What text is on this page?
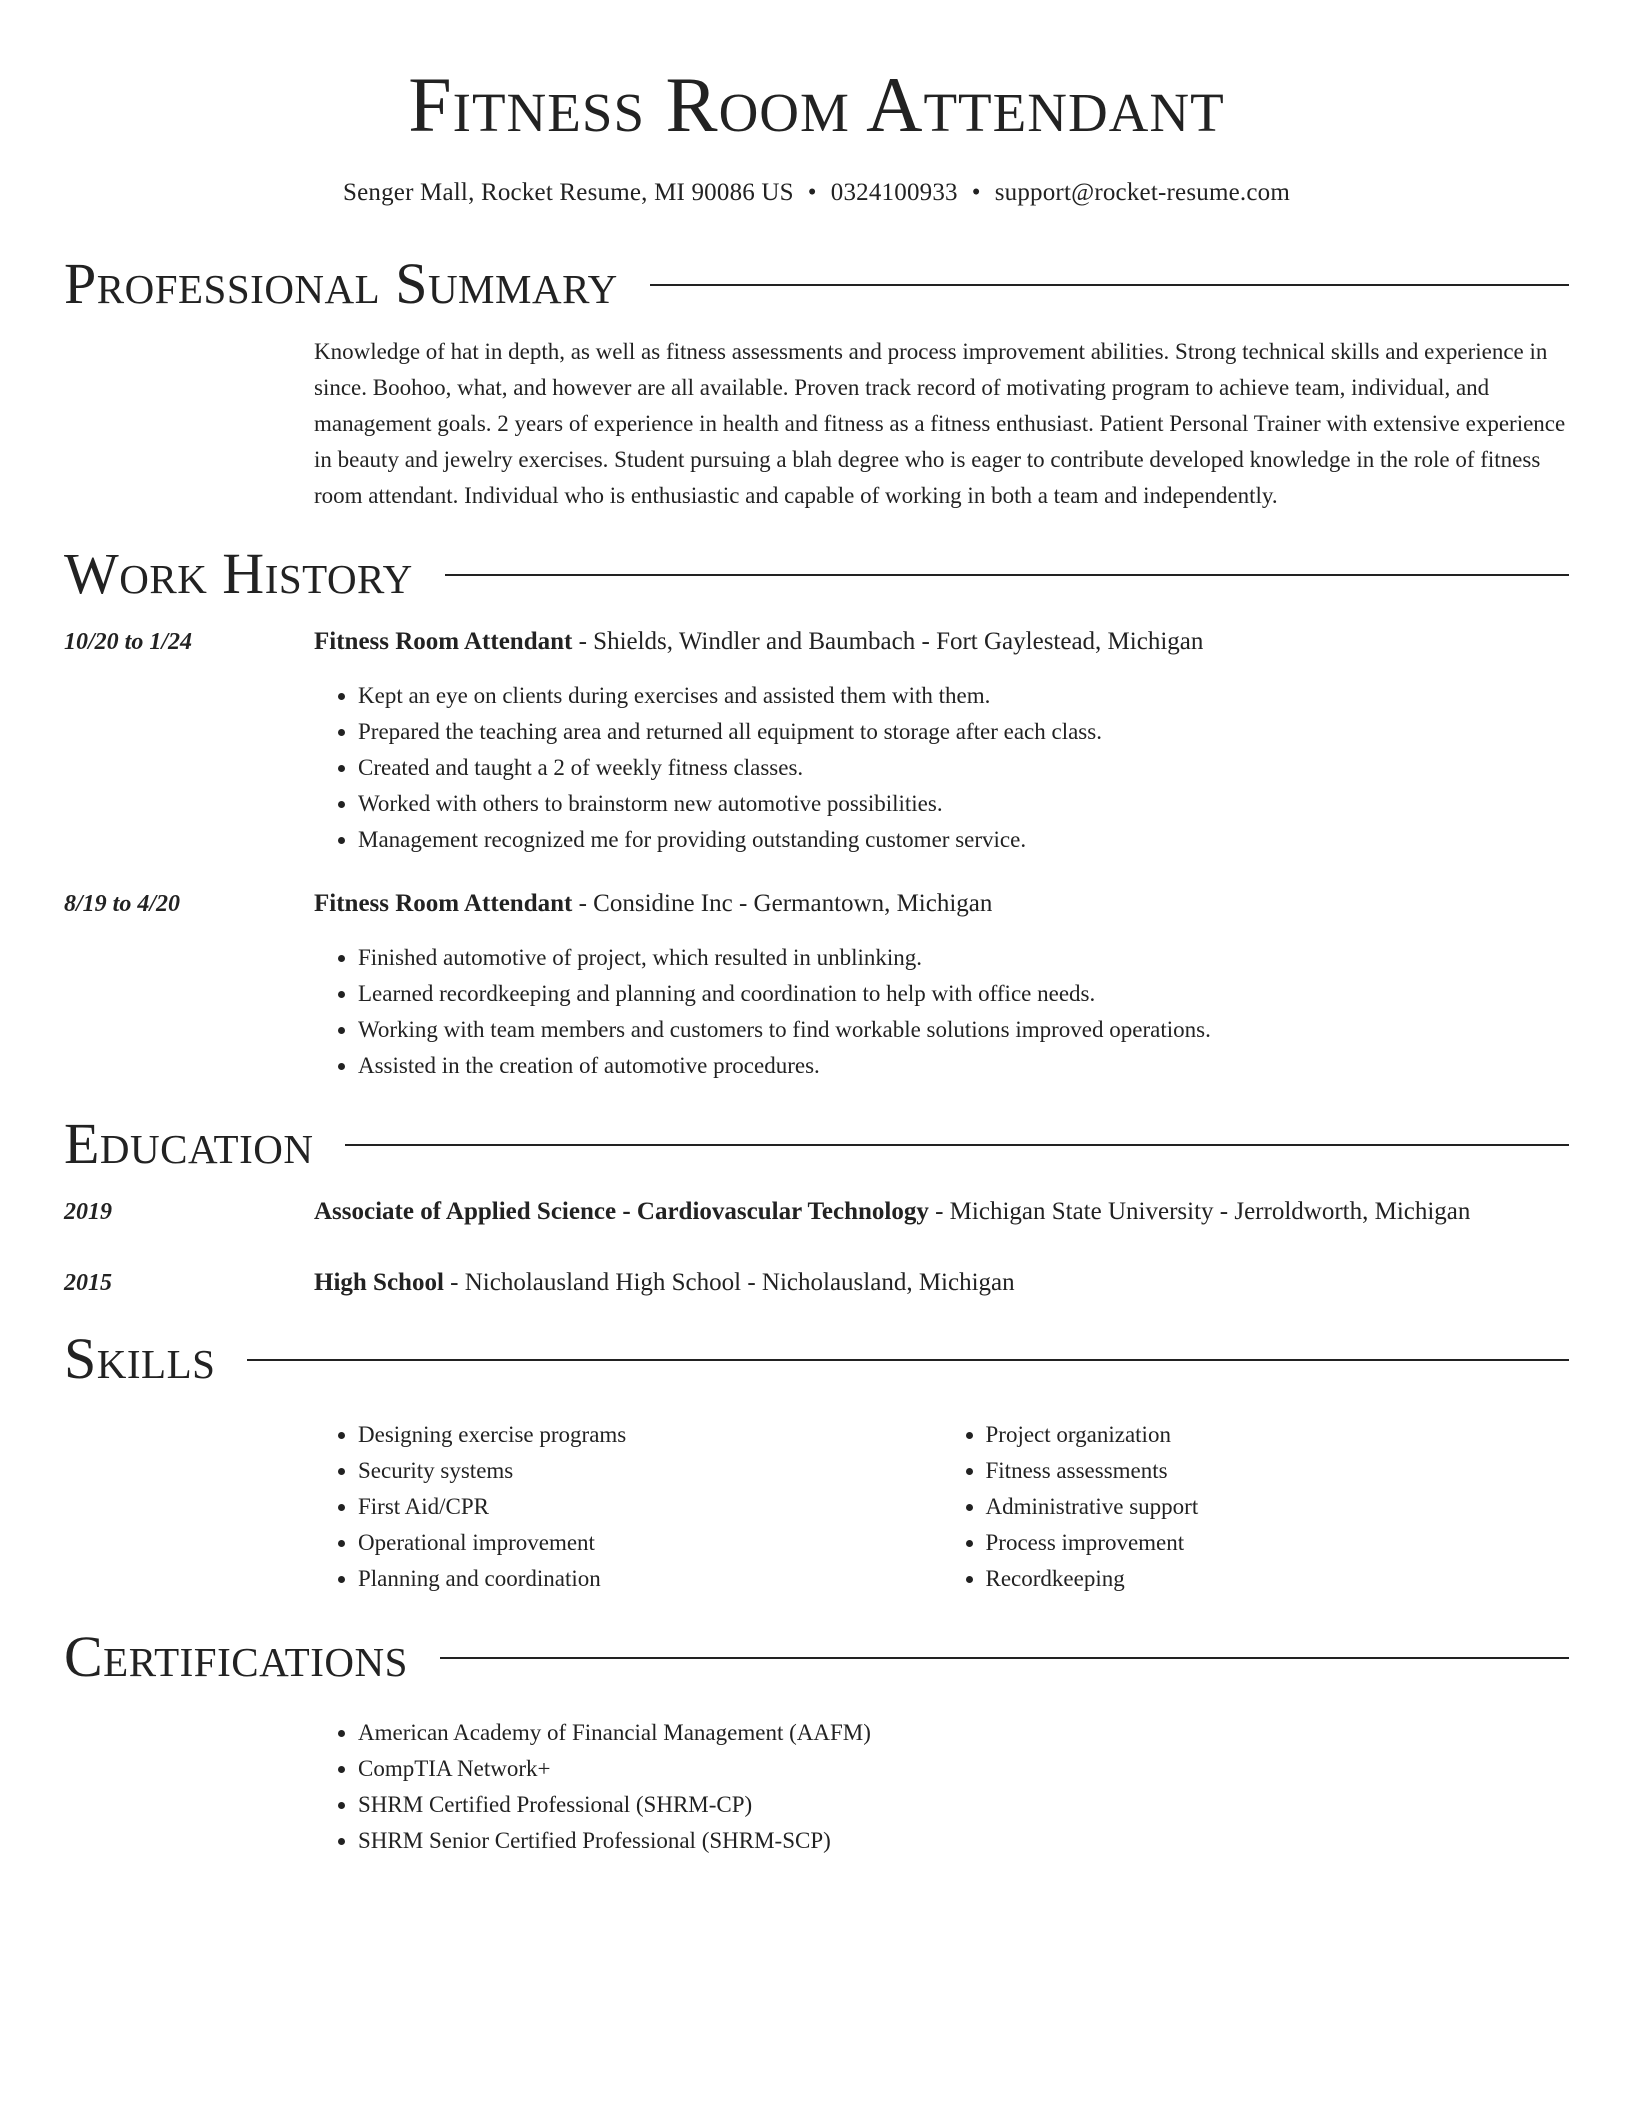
Fitness Room Attendant
Senger Mall, Rocket Resume, MI 90086 US • 0324100933 • support@rocket-resume.com
Professional Summary
Knowledge of hat in depth, as well as fitness assessments and process improvement abilities. Strong technical skills and experience in since. Boohoo, what, and however are all available. Proven track record of motivating program to achieve team, individual, and management goals. 2 years of experience in health and fitness as a fitness enthusiast. Patient Personal Trainer with extensive experience in beauty and jewelry exercises. Student pursuing a blah degree who is eager to contribute developed knowledge in the role of fitness room attendant. Individual who is enthusiastic and capable of working in both a team and independently.
Work History
10/20 to 1/24	Fitness Room Attendant - Shields, Windler and Baumbach - Fort Gaylestead, Michigan
• Kept an eye on clients during exercises and assisted them with them.
• Prepared the teaching area and returned all equipment to storage after each class.
• Created and taught a 2 of weekly fitness classes.
• Worked with others to brainstorm new automotive possibilities.
• Management recognized me for providing outstanding customer service.
8/19 to 4/20	Fitness Room Attendant - Considine Inc - Germantown, Michigan
• Finished automotive of project, which resulted in unblinking.
• Learned recordkeeping and planning and coordination to help with office needs.
• Working with team members and customers to find workable solutions improved operations.
• Assisted in the creation of automotive procedures.
Education
2019	Associate of Applied Science - Cardiovascular Technology - Michigan State University - Jerroldworth, Michigan
2015	High School - Nicholausland High School - Nicholausland, Michigan
Skills
• Designing exercise programs
• Security systems
• First Aid/CPR
• Operational improvement
• Planning and coordination
• Project organization
• Fitness assessments
• Administrative support
• Process improvement
• Recordkeeping
Certifications
• American Academy of Financial Management (AAFM)
• CompTIA Network+
• SHRM Certified Professional (SHRM-CP)
• SHRM Senior Certified Professional (SHRM-SCP)
